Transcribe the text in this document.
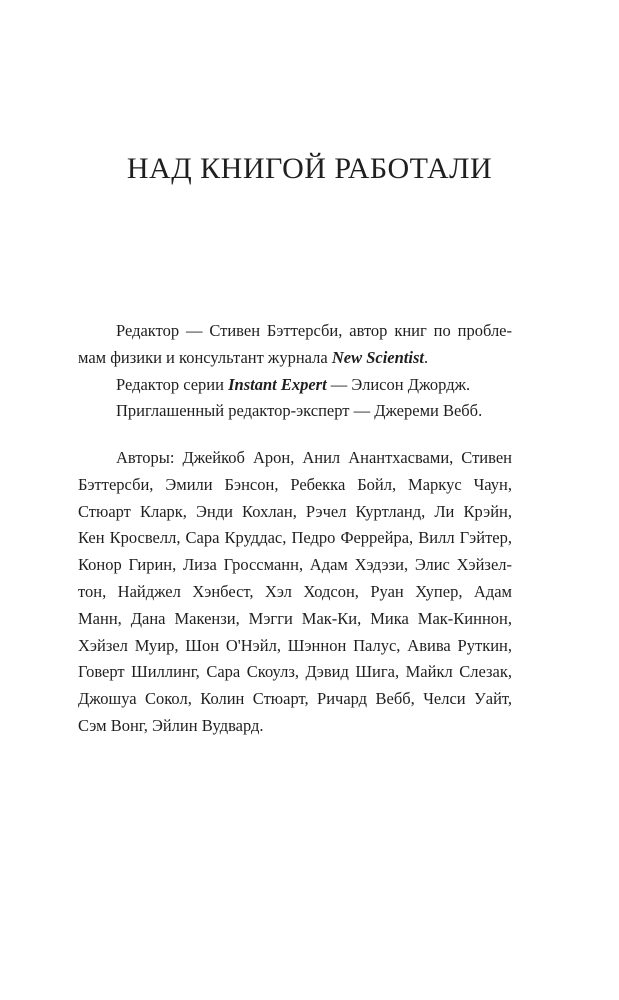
НАД КНИГОЙ РАБОТАЛИ
Редактор — Стивен Бэттерсби, автор книг по пробле-
мам физики и консультант журнала New Scientist.
Редактор серии Instant Expert — Элисон Джордж.
Приглашенный редактор-эксперт — Джереми Вебб.
Авторы: Джейкоб Арон, Анил Анантхасвами, Стивен
Бэттерсби, Эмили Бэнсон, Ребекка Бойл, Маркус Чаун,
Стюарт Кларк, Энди Кохлан, Рэчел Куртланд, Ли Крэйн,
Кен Кросвелл, Сара Круддас, Педро Феррейра, Вилл Гэйтер,
Конор Гирин, Лиза Гроссманн, Адам Хэдэзи, Элис Хэйзел-
тон, Найджел Хэнбест, Хэл Ходсон, Руан Хупер, Адам
Манн, Дана Макензи, Мэгги Мак-Ки, Мика Мак-Киннон,
Хэйзел Муир, Шон О'Нэйл, Шэннон Палус, Авива Руткин,
Говерт Шиллинг, Сара Скоулз, Дэвид Шига, Майкл Слезак,
Джошуа Сокол, Колин Стюарт, Ричард Вебб, Челси Уайт,
Сэм Вонг, Эйлин Вудвард.
